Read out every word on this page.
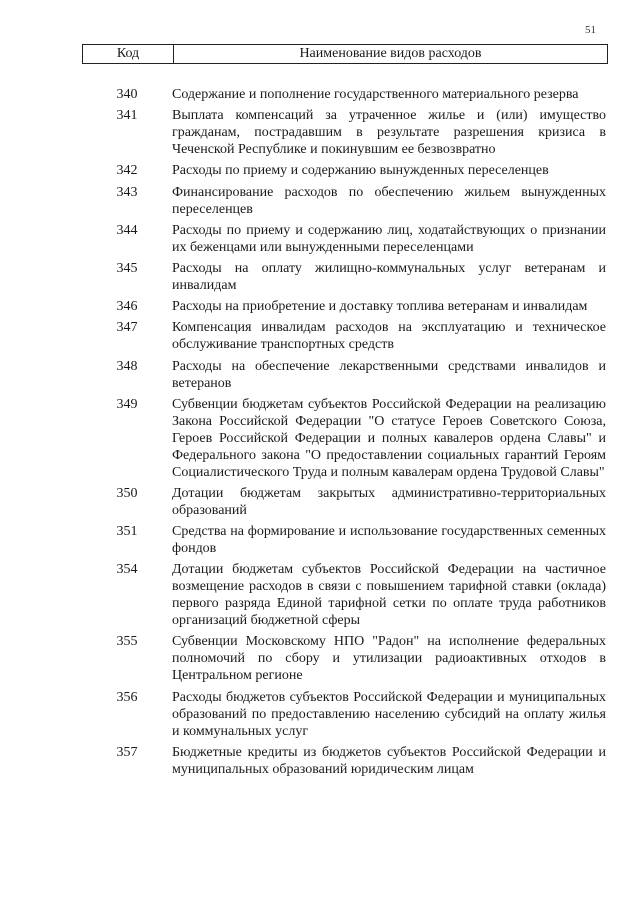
51
Код	Наименование видов расходов
340	Содержание и пополнение государственного материального резерва
341	Выплата компенсаций за утраченное жилье и (или) имущество гражданам, пострадавшим в результате разрешения кризиса в Чеченской Республике и покинувшим ее безвозвратно
342	Расходы по приему и содержанию вынужденных переселенцев
343	Финансирование расходов по обеспечению жильем вынужденных переселенцев
344	Расходы по приему и содержанию лиц, ходатайствующих о признании их беженцами или вынужденными переселенцами
345	Расходы на оплату жилищно-коммунальных услуг ветеранам и инвалидам
346	Расходы на приобретение и доставку топлива ветеранам и инвалидам
347	Компенсация инвалидам расходов на эксплуатацию и техническое обслуживание транспортных средств
348	Расходы на обеспечение лекарственными средствами инвалидов и ветеранов
349	Субвенции бюджетам субъектов Российской Федерации на реализацию Закона Российской Федерации "О статусе Героев Советского Союза, Героев Российской Федерации и полных кавалеров ордена Славы" и Федерального закона "О предоставлении социальных гарантий Героям Социалистического Труда и полным кавалерам ордена Трудовой Славы"
350	Дотации бюджетам закрытых административно-территориальных образований
351	Средства на формирование и использование государственных семенных фондов
354	Дотации бюджетам субъектов Российской Федерации на частичное возмещение расходов в связи с повышением тарифной ставки (оклада) первого разряда Единой тарифной сетки по оплате труда работников организаций бюджетной сферы
355	Субвенции Московскому НПО "Радон" на исполнение федеральных полномочий по сбору и утилизации радиоактивных отходов в Центральном регионе
356	Расходы бюджетов субъектов Российской Федерации и муниципальных образований по предоставлению населению субсидий на оплату жилья и коммунальных услуг
357	Бюджетные кредиты из бюджетов субъектов Российской Федерации и муниципальных образований юридическим лицам
